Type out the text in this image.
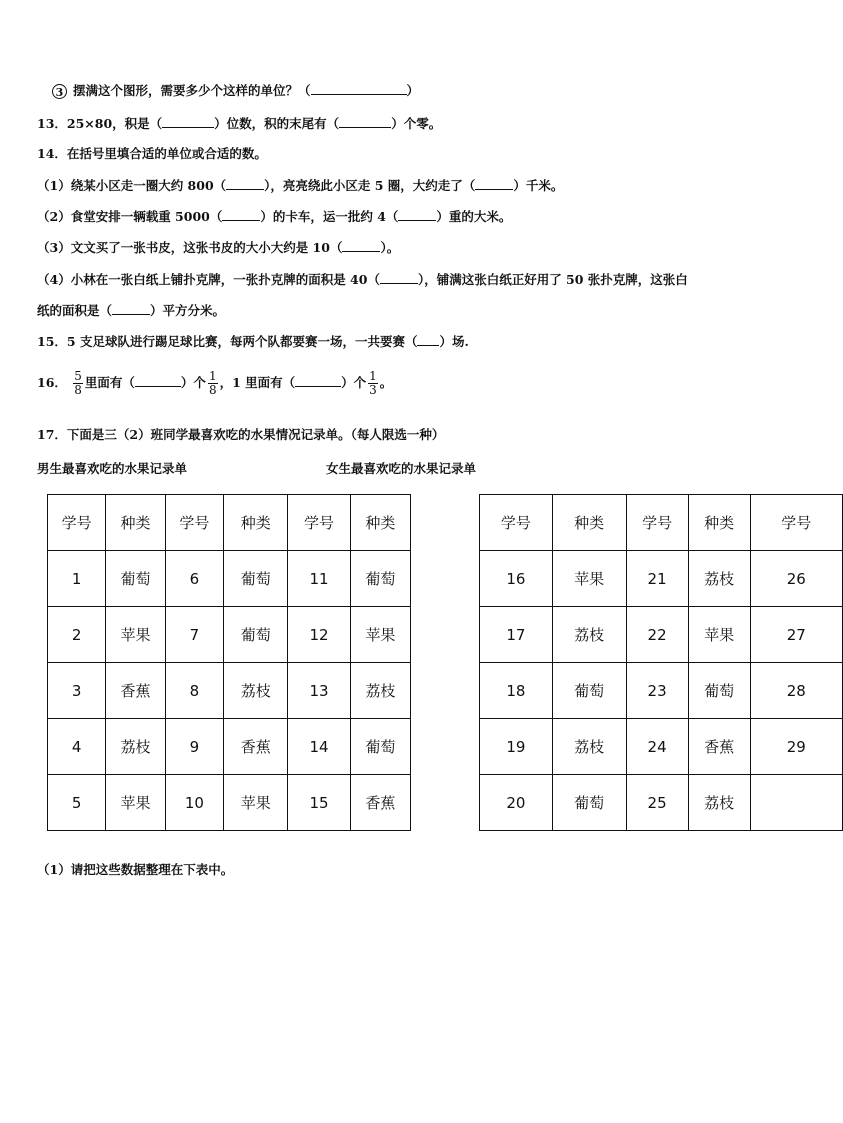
3 摆满这个图形，需要多少个这样的单位？（	）
13．25×80，积是（	）位数，积的末尾有（	）个零。
14．在括号里填合适的单位或合适的数。
（1）绕某小区走一圈大约 800（	），亮亮绕此小区走 5 圈，大约走了（	）千米。
（2）食堂安排一辆载重 5000（	）的卡车，运一批约 4（	）重的大米。
（3）文文买了一张书皮，这张书皮的大小大约是 10（	）。
（4）小林在一张白纸上铺扑克牌，一张扑克牌的面积是 40（	），铺满这张白纸正好用了 50 张扑克牌，这张白
纸的面积是（	）平方分米。
15．5 支足球队进行踢足球比赛，每两个队都要赛一场，一共要赛（ ）场.
16． $\frac{5}{8}$ 里面有（	）个 $\frac{1}{8}$ ，1 里面有（	）个 $\frac{1}{3}$ 。
17．下面是三（2）班同学最喜欢吃的水果情况记录单。（每人限选一种）
男生最喜欢吃的水果记录单	女生最喜欢吃的水果记录单
学号	种类	学号	种类	学号	种类
1	葡萄	6	葡萄	11	葡萄
2	苹果	7	葡萄	12	苹果
3	香蕉	8	荔枝	13	荔枝
4	荔枝	9	香蕉	14	葡萄
5	苹果	10	苹果	15	香蕉
学号	种类	学号	种类	学号
16	苹果	21	荔枝	26
17	荔枝	22	苹果	27
18	葡萄	23	葡萄	28
19	荔枝	24	香蕉	29
20	葡萄	25	荔枝	
（1）请把这些数据整理在下表中。
